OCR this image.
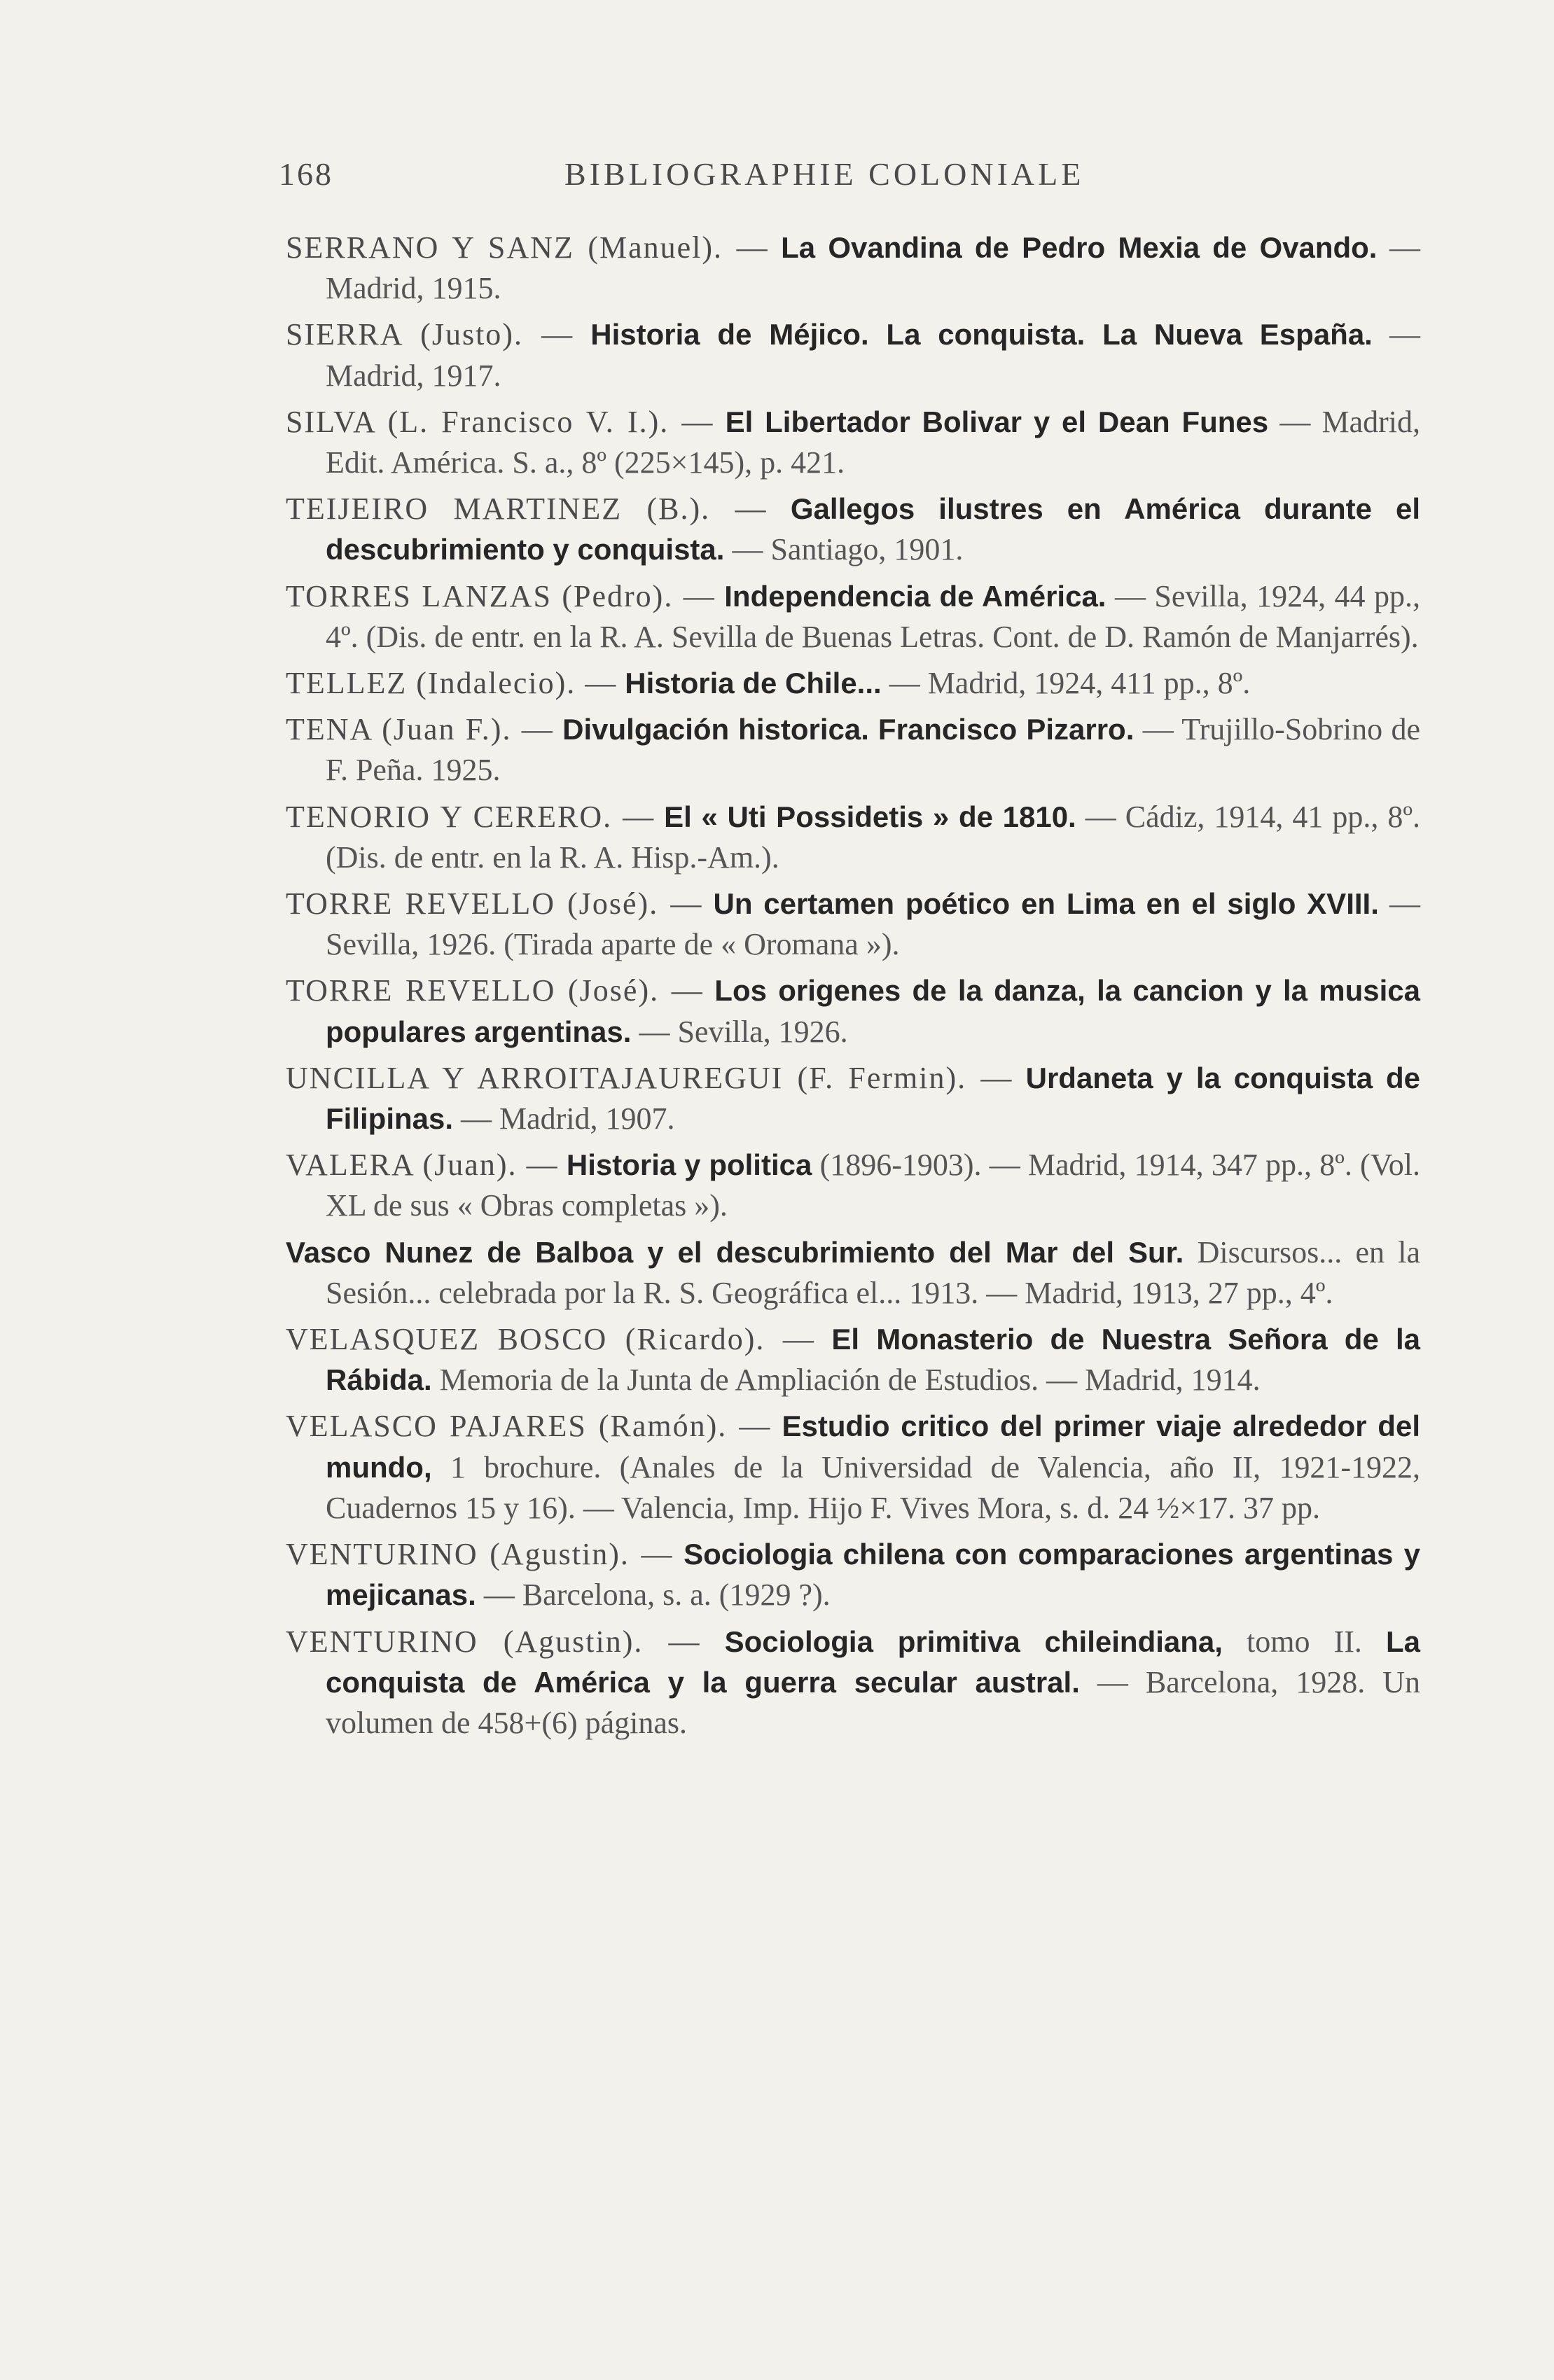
168	BIBLIOGRAPHIE COLONIALE

SERRANO Y SANZ (Manuel). — La Ovandina de Pedro Mexia de Ovando. — Madrid, 1915.

SIERRA (Justo). — Historia de Méjico. La conquista. La Nueva España. — Madrid, 1917.

SILVA (L. Francisco V. I.). — El Libertador Bolivar y el Dean Funes — Madrid, Edit. América. S. a., 8º (225×145), p. 421.

TEIJEIRO MARTINEZ (B.). — Gallegos ilustres en América durante el descubrimiento y conquista. — Santiago, 1901.

TORRES LANZAS (Pedro). — Independencia de América. — Sevilla, 1924, 44 pp., 4º. (Dis. de entr. en la R. A. Sevilla de Buenas Letras. Cont. de D. Ramón de Manjarrés).

TELLEZ (Indalecio). — Historia de Chile... — Madrid, 1924, 411 pp., 8º.

TENA (Juan F.). — Divulgación historica. Francisco Pizarro. — Trujillo-Sobrino de F. Peña. 1925.

TENORIO Y CERERO. — El « Uti Possidetis » de 1810. — Cádiz, 1914, 41 pp., 8º. (Dis. de entr. en la R. A. Hisp.-Am.).

TORRE REVELLO (José). — Un certamen poético en Lima en el siglo XVIII. — Sevilla, 1926. (Tirada aparte de « Oromana »).

TORRE REVELLO (José). — Los origenes de la danza, la cancion y la musica populares argentinas. — Sevilla, 1926.

UNCILLA Y ARROITAJAUREGUI (F. Fermin). — Urdaneta y la conquista de Filipinas. — Madrid, 1907.

VALERA (Juan). — Historia y politica (1896-1903). — Madrid, 1914, 347 pp., 8º. (Vol. XL de sus « Obras completas »).

Vasco Nunez de Balboa y el descubrimiento del Mar del Sur. Discursos... en la Sesión... celebrada por la R. S. Geográfica el... 1913. — Madrid, 1913, 27 pp., 4º.

VELASQUEZ BOSCO (Ricardo). — El Monasterio de Nuestra Señora de la Rábida. Memoria de la Junta de Ampliación de Estudios. — Madrid, 1914.

VELASCO PAJARES (Ramón). — Estudio critico del primer viaje alrededor del mundo, 1 brochure. (Anales de la Universidad de Valencia, año II, 1921-1922, Cuadernos 15 y 16). — Valencia, Imp. Hijo F. Vives Mora, s. d. 24 ½×17. 37 pp.

VENTURINO (Agustin). — Sociologia chilena con comparaciones argentinas y mejicanas. — Barcelona, s. a. (1929 ?).

VENTURINO (Agustin). — Sociologia primitiva chileindiana, tomo II. La conquista de América y la guerra secular austral. — Barcelona, 1928. Un volumen de 458+(6) páginas.
